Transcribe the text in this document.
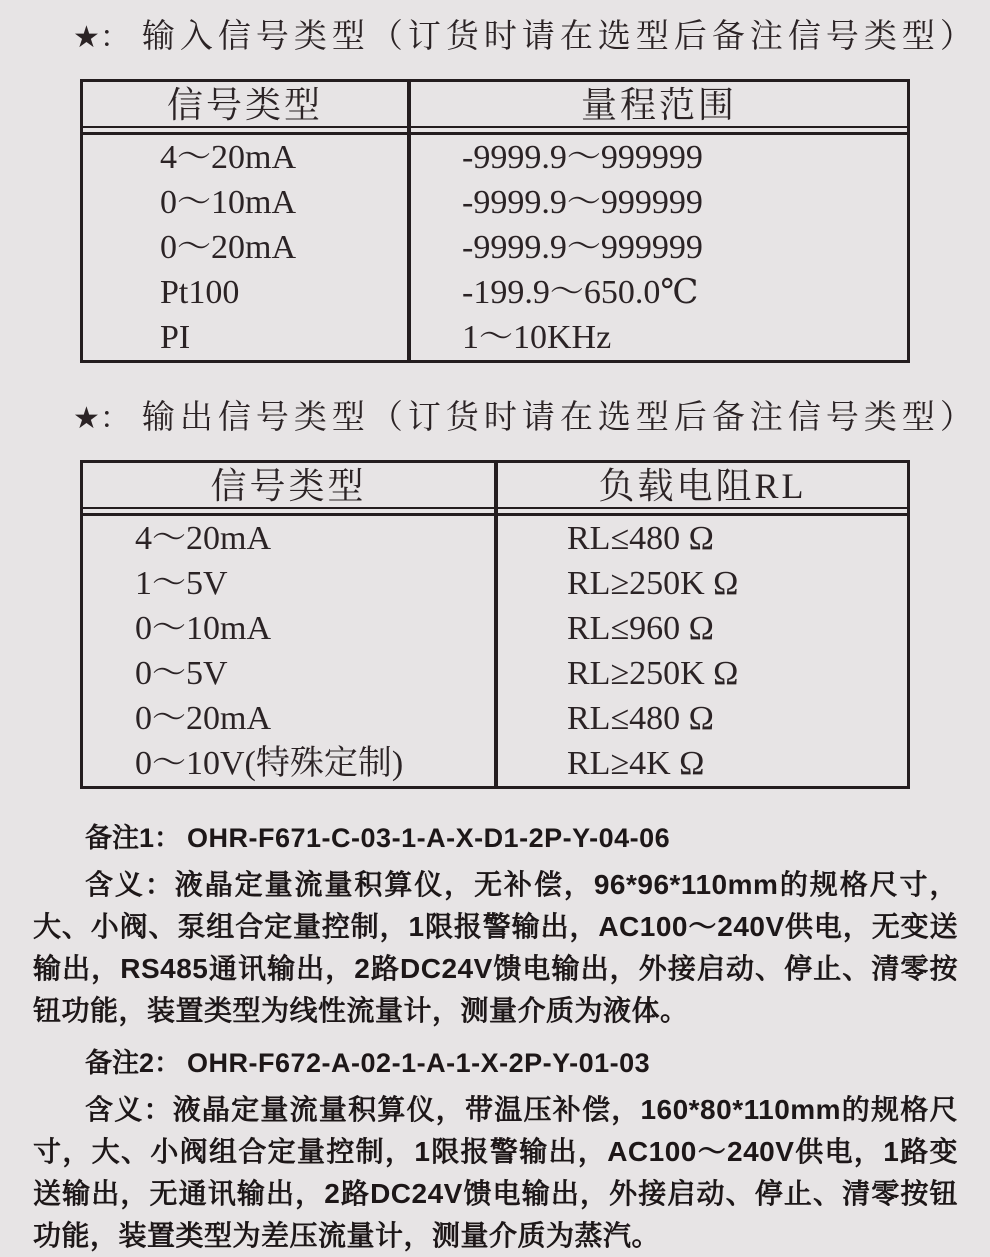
★： 输入信号类型（订货时请在选型后备注信号类型）
信号类型	量程范围
4～20mA	-9999.9～999999
0～10mA	-9999.9～999999
0～20mA	-9999.9～999999
Pt100	-199.9～650.0℃
PI	1～10KHz
★： 输出信号类型（订货时请在选型后备注信号类型）
信号类型	负载电阻RL
4～20mA	RL≤480 Ω
1～5V	RL≥250K Ω
0～10mA	RL≤960 Ω
0～5V	RL≥250K Ω
0～20mA	RL≤480 Ω
0～10V(特殊定制)	RL≥4K Ω
备注1： OHR-F671-C-03-1-A-X-D1-2P-Y-04-06
含义：液晶定量流量积算仪，无补偿，96*96*110mm的规格尺寸，大、小阀、泵组合定量控制，1限报警输出，AC100～240V供电，无变送输出，RS485通讯输出，2路DC24V馈电输出，外接启动、停止、清零按钮功能，装置类型为线性流量计，测量介质为液体。
备注2： OHR-F672-A-02-1-A-1-X-2P-Y-01-03
含义：液晶定量流量积算仪，带温压补偿，160*80*110mm的规格尺寸，大、小阀组合定量控制，1限报警输出，AC100～240V供电，1路变送输出，无通讯输出，2路DC24V馈电输出，外接启动、停止、清零按钮功能，装置类型为差压流量计，测量介质为蒸汽。
